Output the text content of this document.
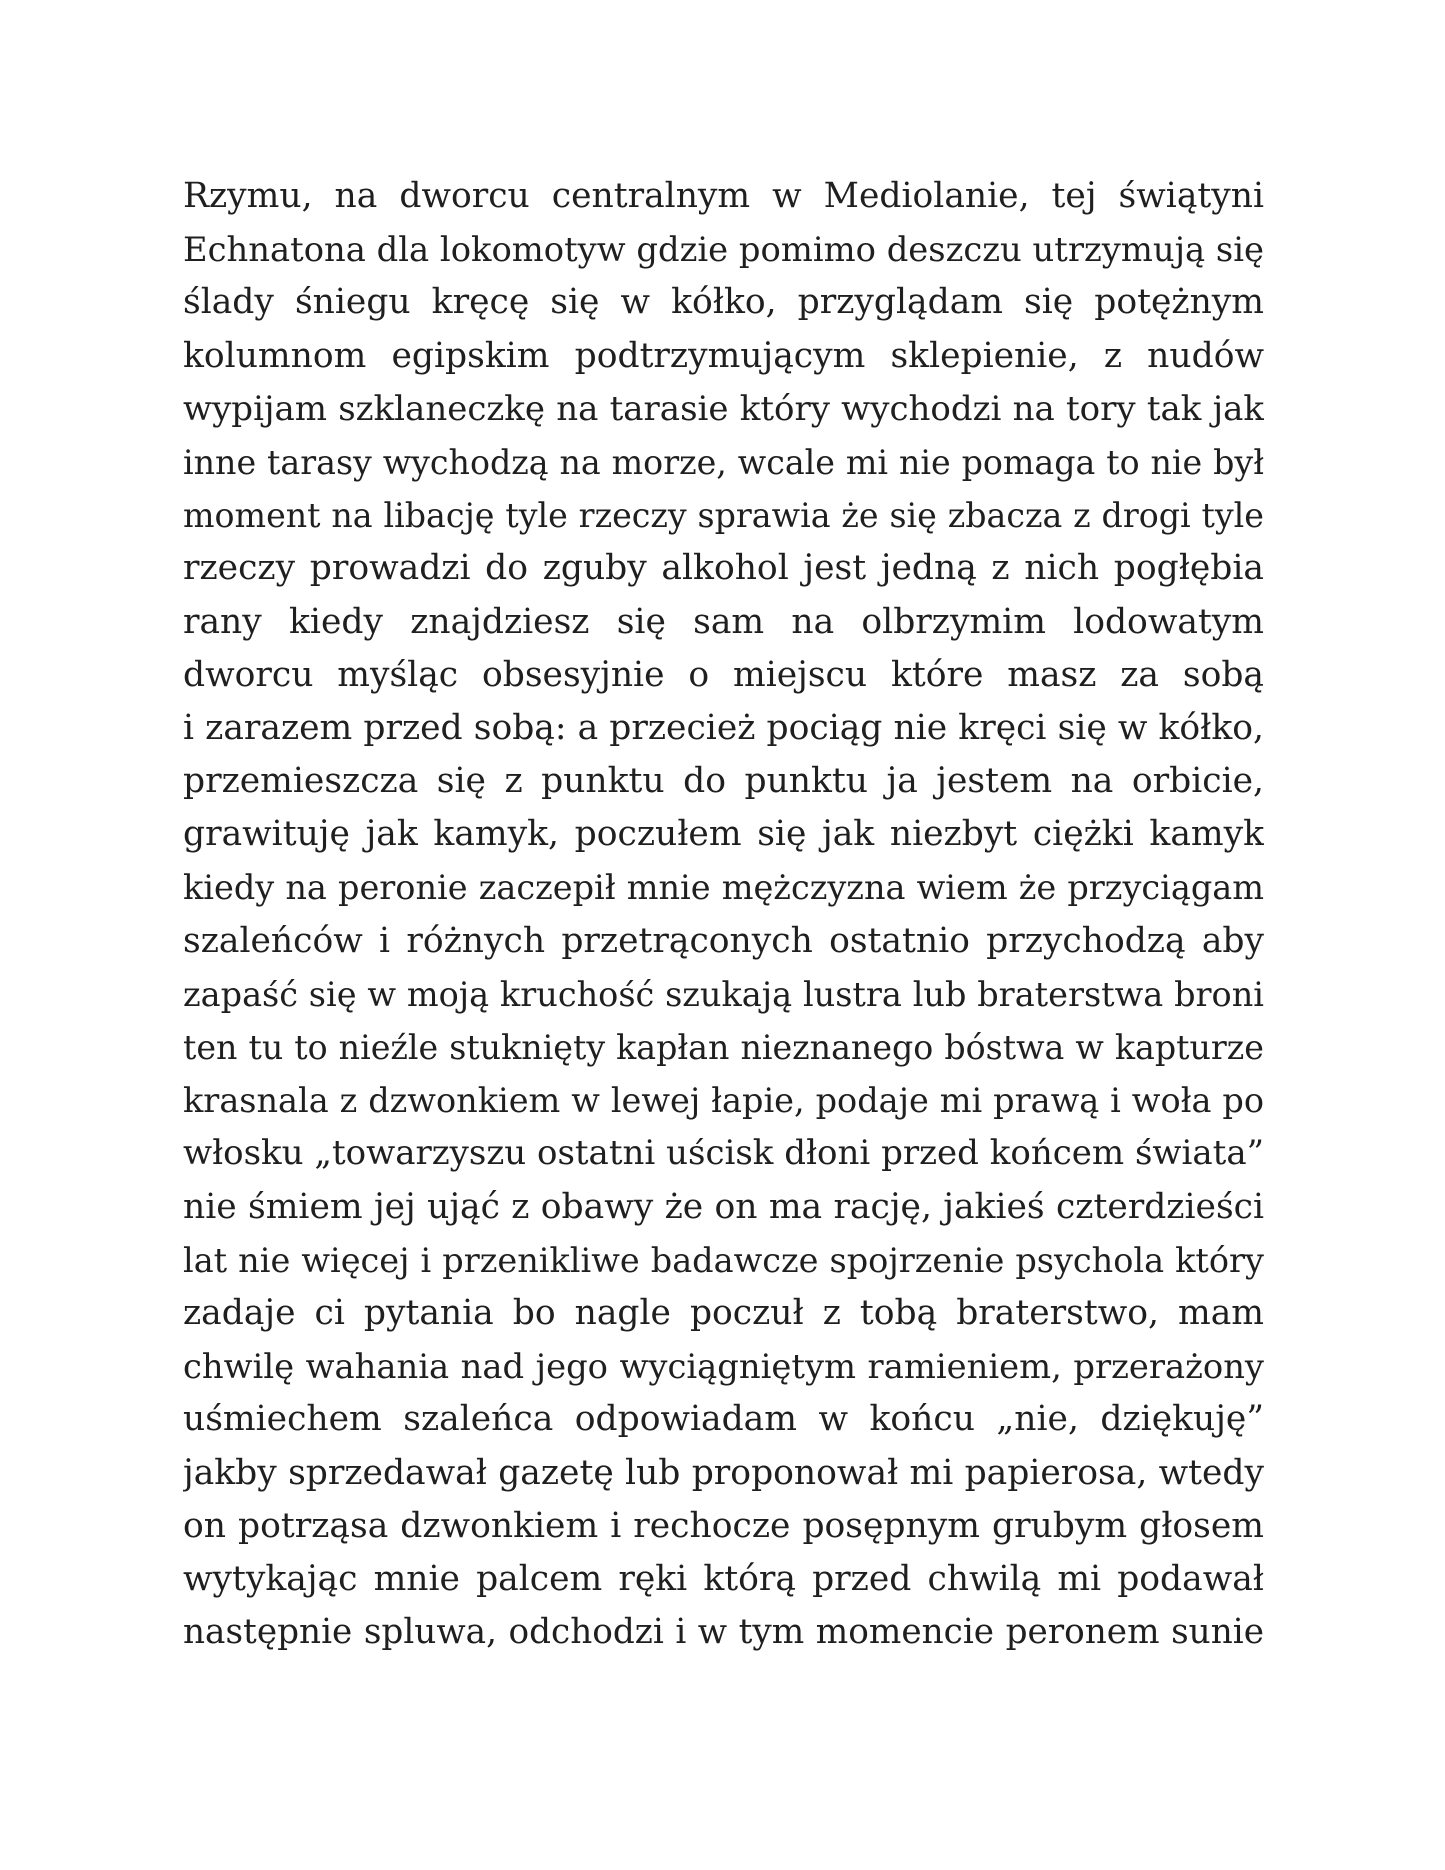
Rzymu, na dworcu centralnym w Mediolanie, tej świątyni
Echnatona dla lokomotyw gdzie pomimo deszczu utrzymują się
ślady śniegu kręcę się w kółko, przyglądam się potężnym
kolumnom egipskim podtrzymującym sklepienie, z nudów
wypijam szklaneczkę na tarasie który wychodzi na tory tak jak
inne tarasy wychodzą na morze, wcale mi nie pomaga to nie był
moment na libację tyle rzeczy sprawia że się zbacza z drogi tyle
rzeczy prowadzi do zguby alkohol jest jedną z nich pogłębia
rany kiedy znajdziesz się sam na olbrzymim lodowatym
dworcu myśląc obsesyjnie o miejscu które masz za sobą
i zarazem przed sobą: a przecież pociąg nie kręci się w kółko,
przemieszcza się z punktu do punktu ja jestem na orbicie,
grawituję jak kamyk, poczułem się jak niezbyt ciężki kamyk
kiedy na peronie zaczepił mnie mężczyzna wiem że przyciągam
szaleńców i różnych przetrąconych ostatnio przychodzą aby
zapaść się w moją kruchość szukają lustra lub braterstwa broni
ten tu to nieźle stuknięty kapłan nieznanego bóstwa w kapturze
krasnala z dzwonkiem w lewej łapie, podaje mi prawą i woła po
włosku „towarzyszu ostatni uścisk dłoni przed końcem świata”
nie śmiem jej ująć z obawy że on ma rację, jakieś czterdzieści
lat nie więcej i przenikliwe badawcze spojrzenie psychola który
zadaje ci pytania bo nagle poczuł z tobą braterstwo, mam
chwilę wahania nad jego wyciągniętym ramieniem, przerażony
uśmiechem szaleńca odpowiadam w końcu „nie, dziękuję”
jakby sprzedawał gazetę lub proponował mi papierosa, wtedy
on potrząsa dzwonkiem i rechocze posępnym grubym głosem
wytykając mnie palcem ręki którą przed chwilą mi podawał
następnie spluwa, odchodzi i w tym momencie peronem sunie
